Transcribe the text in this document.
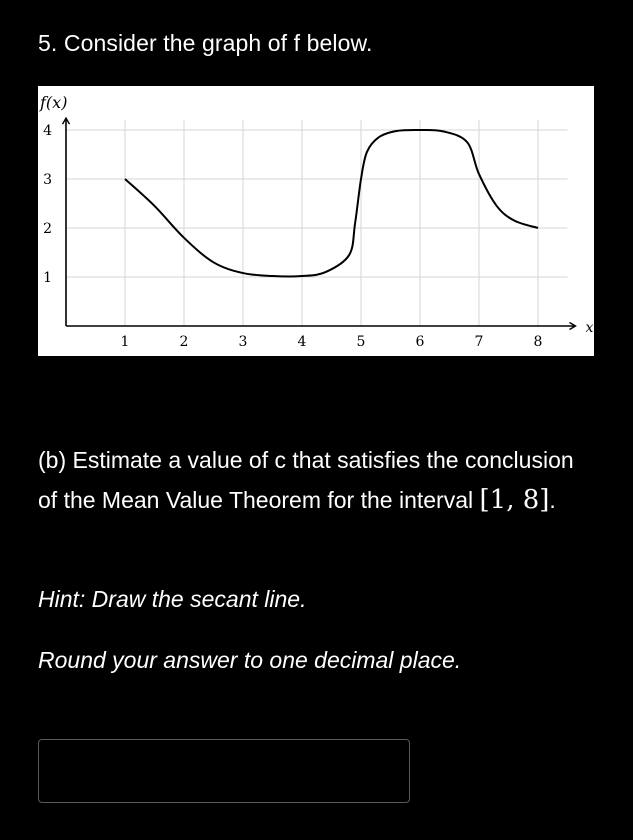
5. Consider the graph of f below.
f(x)
x
1	2	3	4	5	6	7	8
1
2
3
4
(b) Estimate a value of c that satisfies the conclusion of the Mean Value Theorem for the interval [1, 8].
Hint: Draw the secant line.
Round your answer to one decimal place.
